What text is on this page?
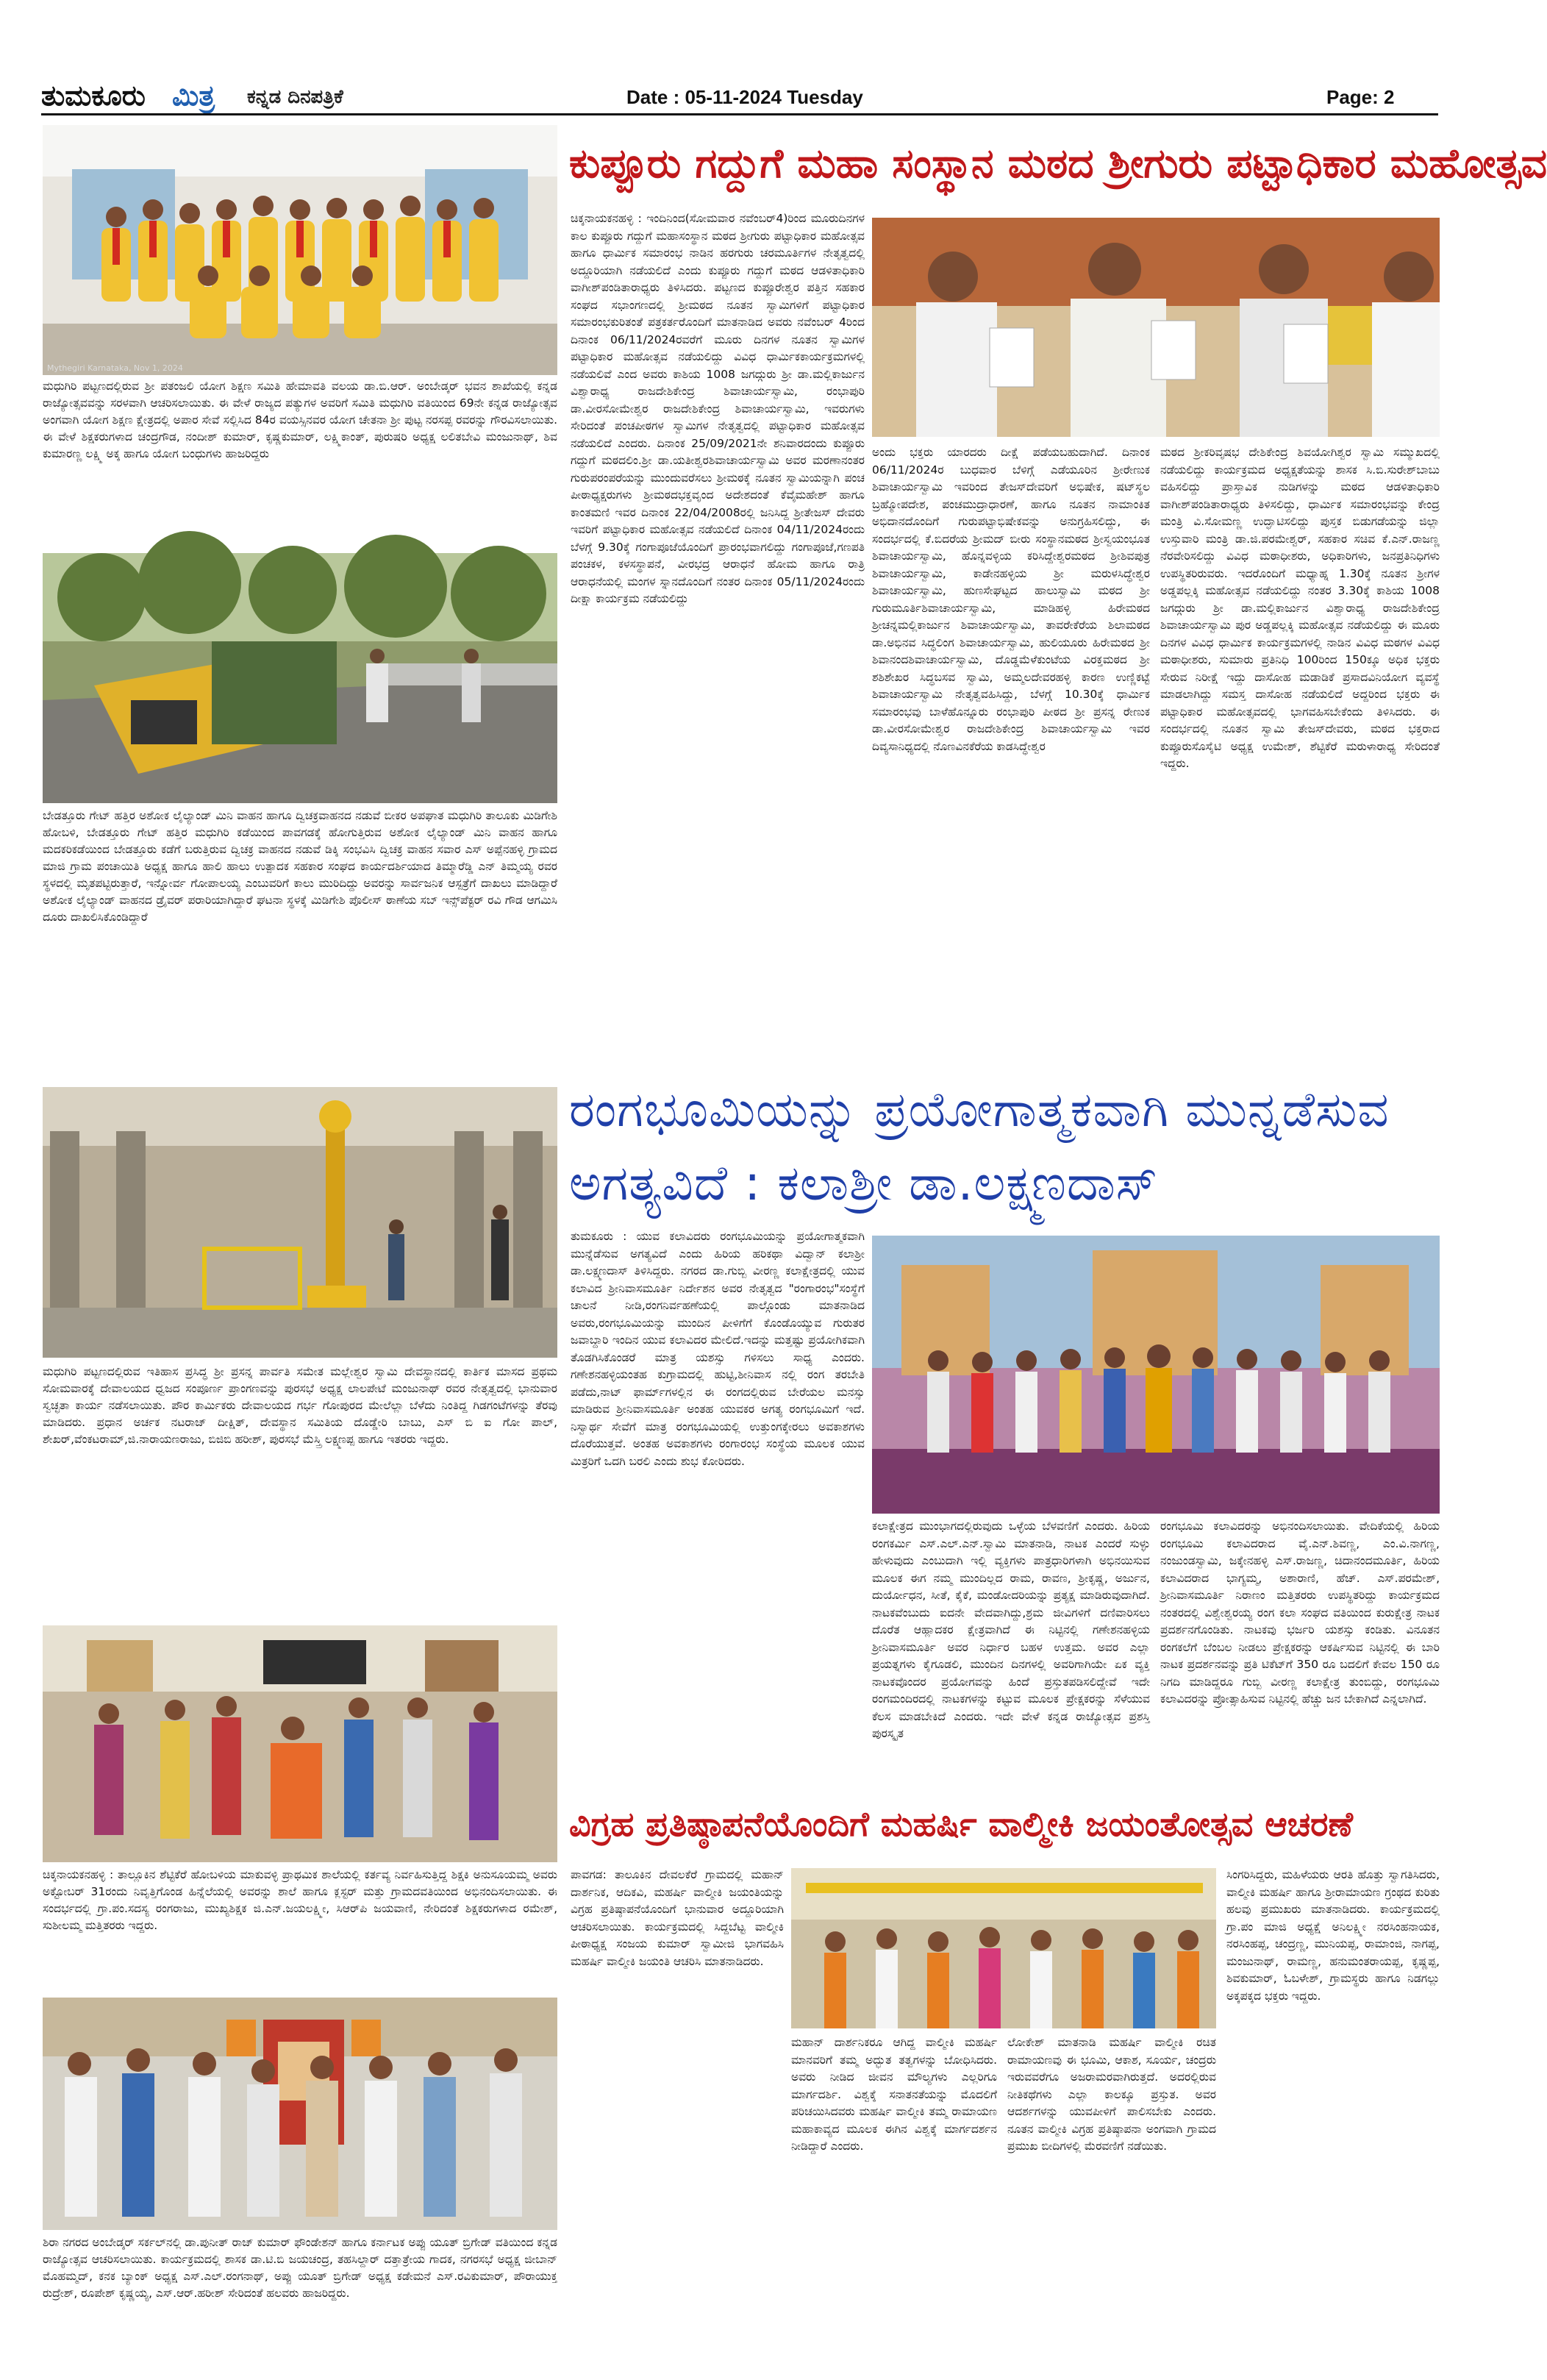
ತುಮಕೂರು ಮಿತ್ರ ಕನ್ನಡ ದಿನಪತ್ರಿಕೆ	Date : 05-11-2024 Tuesday	Page: 2
Mythegiri Karnataka, Nov 1, 2024
ಮಧುಗಿರಿ ಪಟ್ಟಣದಲ್ಲಿರುವ ಶ್ರೀ ಪತಂಜಲಿ ಯೋಗ ಶಿಕ್ಷಣ ಸಮಿತಿ ಹೇಮಾವತಿ ವಲಯ ಡಾ.ಬಿ.ಆರ್. ಅಂಬೇಡ್ಕರ್ ಭವನ ಶಾಖೆಯಲ್ಲಿ ಕನ್ನಡ ರಾಜ್ಯೋತ್ಸವವನ್ನು ಸರಳವಾಗಿ ಆಚರಿಸಲಾಯಿತು. ಈ ವೇಳೆ ರಾಜ್ಯದ ಪತ್ಯುಗಳ ಅವರಿಗೆ ಸಮಿತಿ ಮಧುಗಿರಿ ವತಿಯಿಂದ 69ನೇ ಕನ್ನಡ ರಾಜ್ಯೋತ್ಸವ ಅಂಗವಾಗಿ ಯೋಗ ಶಿಕ್ಷಣ ಕ್ಷೇತ್ರದಲ್ಲಿ ಅಪಾರ ಸೇವೆ ಸಲ್ಲಿಸಿದ 84ರ ವಯಸ್ಸಿನವರ ಯೋಗ ಚೇತನಾ ಶ್ರೀ ಪುಟ್ಟ ನರಸಪ್ಪ ರವರನ್ನು ಗೌರವಿಸಲಾಯಿತು. ಈ ವೇಳೆ ಶಿಕ್ಷಕರುಗಳಾದ ಚಂದ್ರಗೌಡ, ನಂದೀಶ್ ಕುಮಾರ್, ಕೃಷ್ಣಕುಮಾರ್, ಲಕ್ಷ್ಮಿಕಾಂತ್, ಪುರುಷರಿ ಅಧ್ಯಕ್ಷ ಲಲಿತಬೇವಿ ಮಂಜುನಾಥ್, ಶಿವ ಕುಮಾರಣ್ಣ ಲಕ್ಷ್ಮಿ ಅಕ್ಕ ಹಾಗೂ ಯೋಗ ಬಂಧುಗಳು ಹಾಜರಿದ್ದರು
ಬೇಡತ್ತೂರು ಗೇಟ್ ಹತ್ತಿರ ಅಶೋಕ ಲೈಲ್ಯಾಂಡ್ ಮಿನಿ ವಾಹನ ಹಾಗೂ ದ್ವಿಚಕ್ರವಾಹನದ ನಡುವೆ ಬೀಕರ ಅಪಘಾತ ಮಧುಗಿರಿ ತಾಲೂಕು ಮಿಡಿಗೇಶಿ ಹೋಬಳಿ, ಬೇಡತ್ತೂರು ಗೇಟ್ ಹತ್ತಿರ ಮಧುಗಿರಿ ಕಡೆಯಿಂದ ಪಾವಗಡಕ್ಕೆ ಹೋಗುತ್ತಿರುವ ಅಶೋಕ ಲೈಲ್ಯಾಂಡ್ ಮಿನಿ ವಾಹನ ಹಾಗೂ ಮದಕರಿಕಡೆಯಿಂದ ಬೇಡತ್ತೂರು ಕಡೆಗೆ ಬರುತ್ತಿರುವ ದ್ವಿಚಕ್ರ ವಾಹನದ ನಡುವೆ ಡಿಕ್ಕಿ ಸಂಭವಿಸಿ ದ್ವಿಚಕ್ರ ವಾಹನ ಸವಾರ ಎಸ್ ಅಪ್ಪೆನಹಳ್ಳಿ ಗ್ರಾಮದ ಮಾಜಿ ಗ್ರಾಮ ಪಂಚಾಯಿತಿ ಅಧ್ಯಕ್ಷ ಹಾಗೂ ಹಾಲಿ ಹಾಲು ಉತ್ಪಾದಕ ಸಹಕಾರ ಸಂಘದ ಕಾರ್ಯದರ್ಶಿಯಾದ ತಿಮ್ಮಾರೆಡ್ಡಿ ಎನ್ ತಿಮ್ಮಯ್ಯ ರವರ ಸ್ಥಳದಲ್ಲಿ ಮೃತಪಟ್ಟಿರುತ್ತಾರೆ, ಇನ್ನೋರ್ವ ಗೋಪಾಲಯ್ಯ ಎಂಬುವರಿಗೆ ಕಾಲು ಮುರಿದಿದ್ದು ಅವರನ್ನು ಸಾರ್ವಜನಿಕ ಆಸ್ಪತ್ರೆಗೆ ದಾಖಲು ಮಾಡಿದ್ದಾರೆ ಅಶೋಕ ಲೈಲ್ಯಾಂಡ್ ವಾಹನದ ಡ್ರೈವರ್ ಪರಾರಿಯಾಗಿದ್ದಾರೆ ಘಟನಾ ಸ್ಥಳಕ್ಕೆ ಮಿಡಿಗೇಶಿ ಪೊಲೀಸ್ ಠಾಣೆಯ ಸಬ್ ಇನ್ಸ್‌ಪೆಕ್ಟರ್ ರವಿ ಗೌಡ ಆಗಮಿಸಿ ದೂರು ದಾಖಲಿಸಿಕೊಂಡಿದ್ದಾರೆ
ಮಧುಗಿರಿ ಪಟ್ಟಣದಲ್ಲಿರುವ ಇತಿಹಾಸ ಪ್ರಸಿದ್ಧ ಶ್ರೀ ಪ್ರಸನ್ನ ಪಾರ್ವತಿ ಸಮೇತ ಮಲ್ಲೇಶ್ವರ ಸ್ವಾಮಿ ದೇವಸ್ಥಾನದಲ್ಲಿ ಕಾರ್ತಿಕ ಮಾಸದ ಪ್ರಥಮ ಸೋಮವಾರಕ್ಕೆ ದೇವಾಲಯದ ಧ್ವಜದ ಸಂಪೂರ್ಣ ಪ್ರಾಂಗಣವನ್ನು ಪುರಸಭೆ ಅಧ್ಯಕ್ಷ ಲಾಲಪೇಟೆ ಮಂಜುನಾಥ್ ರವರ ನೇತೃತ್ವದಲ್ಲಿ ಭಾನುವಾರ ಸ್ವಚ್ಛತಾ ಕಾರ್ಯ ನಡೆಸಲಾಯಿತು. ಪೌರ ಕಾರ್ಮಿಕರು ದೇವಾಲಯದ ಗರ್ಭ ಗೋಪುರದ ಮೇಲೆಲ್ಲಾ ಬೆಳೆದು ನಿಂತಿದ್ದ ಗಿಡಗಂಟೆಗಳನ್ನು ತೆರವು ಮಾಡಿದರು. ಪ್ರಧಾನ ಅರ್ಚಕ ನಟರಾಜ್ ದೀಕ್ಷಿತ್, ದೇವಸ್ಥಾನ ಸಮಿತಿಯ ದೊಡ್ಡೇರಿ ಬಾಬು, ಎಸ್ ಬಿ ಐ ಗೋ ಪಾಲ್, ಶೇಖರ್,ವೆಂಕಟರಾಮ್,ಜಿ.ನಾರಾಯಣರಾಜು, ಬಿಜಿಬಿ ಹರೀಶ್, ಪುರಸಭೆ ಮೆಸ್ತ್ರಿ ಲಕ್ಷ್ಮಣಪ್ಪ ಹಾಗೂ ಇತರರು ಇದ್ದರು.
ಚಿಕ್ಕನಾಯಕನಹಳ್ಳಿ : ತಾಲ್ಲೂಕಿನ ಶೆಟ್ಟಿಕೆರೆ ಹೋಬಳಿಯ ಮಾಕುವಳ್ಳಿ ಪ್ರಾಥಮಿಕ ಶಾಲೆಯಲ್ಲಿ ಕರ್ತವ್ಯ ನಿರ್ವಹಿಸುತ್ತಿದ್ದ ಶಿಕ್ಷಕಿ ಅನುಸೂಯಮ್ಮ ಅವರು ಅಕ್ಟೋಬರ್ 31ರಂದು ನಿವೃತ್ತಿಗೊಂಡ ಹಿನ್ನೆಲೆಯಲ್ಲಿ ಅವರನ್ನು ಶಾಲೆ ಹಾಗೂ ಕ್ಲಸ್ಟರ್ ಮತ್ತು ಗ್ರಾಮದವತಿಯಿಂದ ಅಭಿನಂದಿಸಲಾಯಿತು. ಈ ಸಂದರ್ಭದಲ್ಲಿ ಗ್ರಾ.ಪಂ.ಸದಸ್ಯ ರಂಗರಾಜು, ಮುಖ್ಯಶಿಕ್ಷಕ ಜಿ.ಎನ್.ಜಯಲಕ್ಷ್ಮೀ, ಸಿಆರ್‌ಪಿ ಜಯವಾಣಿ, ನೇರಿದಂತೆ ಶಿಕ್ಷಕರುಗಳಾದ ರಮೇಶ್, ಸುಶೀಲಮ್ಮ ಮತ್ತಿತರರು ಇದ್ದರು.
ಶಿರಾ ನಗರದ ಅಂಬೇಡ್ಕರ್ ಸರ್ಕಲ್‌ನಲ್ಲಿ ಡಾ.ಪುನೀತ್ ರಾಜ್ ಕುಮಾರ್ ಫೌಂಡೇಶನ್ ಹಾಗೂ ಕರ್ನಾಟಕ ಅಪ್ಪು ಯೂತ್ ಬ್ರಿಗೇಡ್ ವತಿಯಿಂದ ಕನ್ನಡ ರಾಜ್ಯೋತ್ಸವ ಆಚರಿಸಲಾಯಿತು. ಕಾರ್ಯಕ್ರಮದಲ್ಲಿ ಶಾಸಕ ಡಾ.ಟಿ.ಬಿ ಜಯಚಂದ್ರ, ತಹಸಿಲ್ದಾರ್ ದತ್ತಾತ್ರೇಯ ಗಾದಕ, ನಗರಸಭೆ ಅಧ್ಯಕ್ಷ ಜೀಬಾನ್ ಮೊಹಮ್ಮದ್, ಕನಕ ಬ್ಯಾಂಕ್ ಅಧ್ಯಕ್ಷ ಎಸ್.ಎಲ್.ರಂಗನಾಥ್, ಅಪ್ಪು ಯೂತ್ ಬ್ರಿಗೇಡ್ ಅಧ್ಯಕ್ಷ ಕಡೇಮನೆ ಎಸ್.ರವಿಕುಮಾರ್, ಪೌರಾಯುಕ್ತ ರುದ್ರೇಶ್, ರೂಪೇಶ್ ಕೃಷ್ಣಯ್ಯ, ಎಸ್.ಆರ್.ಹರೀಶ್ ಸೇರಿದಂತೆ ಹಲವರು ಹಾಜರಿದ್ದರು.
ಕುಪ್ಪೂರು ಗದ್ದುಗೆ ಮಹಾ ಸಂಸ್ಥಾನ ಮಠದ ಶ್ರೀಗುರು ಪಟ್ಟಾಧಿಕಾರ ಮಹೋತ್ಸವ
ಚಿಕ್ಕನಾಯಕನಹಳ್ಳಿ : ಇಂದಿನಿಂದ(ಸೋಮವಾರ ನವೆಂಬರ್4)ರಿಂದ ಮೂರುದಿನಗಳ ಕಾಲ ಕುಪ್ಪೂರು ಗದ್ದುಗೆ ಮಹಾಸಂಸ್ಥಾನ ಮಠದ ಶ್ರೀಗುರು ಪಟ್ಟಾಧಿಕಾರ ಮಹೋತ್ಸವ ಹಾಗೂ ಧಾರ್ಮಿಕ ಸಮಾರಂಭ ನಾಡಿನ ಹರಗುರು ಚರಮೂರ್ತಿಗಳ ನೇತೃತ್ವದಲ್ಲಿ ಅದ್ದೂರಿಯಾಗಿ ನಡೆಯಲಿದೆ ಎಂದು ಕುಪ್ಪೂರು ಗದ್ದುಗೆ ಮಠದ ಆಡಳಿತಾಧಿಕಾರಿ ವಾಗೀಶ್‌ಪಂಡಿತಾರಾಧ್ಯರು ತಿಳಿಸಿದರು. ಪಟ್ಟಣದ ಕುಪ್ಪೂರೇಶ್ವರ ಪತ್ತಿನ ಸಹಕಾರ ಸಂಘದ ಸಭಾಂಗಣದಲ್ಲಿ ಶ್ರೀಮಠದ ನೂತನ ಸ್ವಾಮಿಗಳಿಗೆ ಪಟ್ಟಾಧಿಕಾರ ಸಮಾರಂಭಕುರಿತಂತೆ ಪತ್ರಕರ್ತರೊಂದಿಗೆ ಮಾತನಾಡಿದ ಅವರು ನವೆಂಬರ್ 4ರಿಂದ ದಿನಾಂಕ 06/11/2024ರವರೆಗೆ ಮೂರು ದಿನಗಳ ನೂತನ ಸ್ವಾಮಿಗಳ ಪಟ್ಟಾಧಿಕಾರ ಮಹೋತ್ಸವ ನಡೆಯಲಿದ್ದು ವಿವಿಧ ಧಾರ್ಮಿಕಕಾರ್ಯಕ್ರಮಗಳಲ್ಲಿ ನಡೆಯಲಿವೆ ಎಂದ ಅವರು ಕಾಶಿಯ 1008 ಜಗದ್ಗುರು ಶ್ರೀ ಡಾ.ಮಲ್ಲಿಕಾರ್ಜುನ ವಿಶ್ವಾರಾಧ್ಯ ರಾಜದೇಶಿಕೇಂದ್ರ ಶಿವಾಚಾರ್ಯಸ್ವಾಮಿ, ರಂಭಾಪುರಿ ಡಾ.ವೀರಸೋಮೇಶ್ವರ ರಾಜದೇಶಿಕೇಂದ್ರ ಶಿವಾಚಾರ್ಯಸ್ವಾಮಿ, ಇವರುಗಳು ಸೇರಿದಂತೆ ಪಂಚಪೀಠಗಳ ಸ್ವಾಮಿಗಳ ನೇತೃತ್ವದಲ್ಲಿ ಪಟ್ಟಾಧಿಕಾರ ಮಹೋತ್ಸವ ನಡೆಯಲಿದೆ ಎಂದರು. ದಿನಾಂಕ 25/09/2021ನೇ ಶನಿವಾರದಂದು ಕುಪ್ಪೂರು ಗದ್ದುಗೆ ಮಠದಲಿಂ.ಶ್ರೀ ಡಾ.ಯತೀಶ್ವರಶಿವಾಚಾರ್ಯಸ್ವಾಮಿ ಅವರ ಮರಣಾನಂತರ ಗುರುಪರಂಪರೆಯನ್ನು ಮುಂದುವರೆಸಲು ಶ್ರೀಮಠಕ್ಕೆ ನೂತನ ಸ್ವಾಮಿಯನ್ನಾಗಿ ಪಂಚ ಪೀಠಾಧ್ಯಕ್ಷರುಗಳು ಶ್ರೀಮಠದಭಕ್ತವೃಂದ ಅದೇಶದಂತೆ ಕೆವೈಮಹೇಶ್ ಹಾಗೂ ಕಾಂತಮಣಿ ಇವರ ದಿನಾಂಕ 22/04/2008ರಲ್ಲಿ ಜನಿಸಿದ್ದ ಶ್ರೀತೇಜಸ್ ದೇವರು ಇವರಿಗೆ ಪಟ್ಟಾಧಿಕಾರ ಮಹೋತ್ಸವ ನಡೆಯಲಿದೆ ದಿನಾಂಕ 04/11/2024ರಂದು ಬೆಳಗ್ಗೆ 9.30ಕ್ಕೆ ಗಂಗಾಪೂಜೆಯೊಂದಿಗೆ ಪ್ರಾರಂಭವಾಗಲಿದ್ದು ಗಂಗಾಪೂಜೆ,ಗಣಪತಿ ಪಂಚಕಳ, ಕಳಸಸ್ಥಾಪನೆ, ವೀರಭದ್ರ ಆರಾಧನೆ ಹೋಮ ಹಾಗೂ ರಾತ್ರಿ ಆರಾಧನೆಯಲ್ಲಿ ಮಂಗಳ ಸ್ನಾನದೊಂದಿಗೆ ನಂತರ ದಿನಾಂಕ 05/11/2024ರಂದು ದೀಕ್ಷಾ ಕಾರ್ಯಕ್ರಮ ನಡೆಯಲಿದ್ದು
ಅಂದು ಭಕ್ತರು ಯಾರದರು ದೀಕ್ಷೆ ಪಡೆಯಬಹುದಾಗಿದೆ. ದಿನಾಂಕ 06/11/2024ರ ಬುಧವಾರ ಬೆಳಿಗ್ಗೆ ಎಡೆಯೂರಿನ ಶ್ರೀರೇಣುಕ ಶಿವಾಚಾರ್ಯಸ್ವಾಮಿ ಇವರಿಂದ ತೇಜಸ್‌ದೇವರಿಗೆ ಅಭಿಷೇಕ, ಷಟ್‌ಸ್ಥಲ ಬ್ರಹ್ಮೋಪದೇಶ, ಪಂಚಮುದ್ರಾಧಾರಣೆ, ಹಾಗೂ ನೂತನ ನಾಮಾಂಕಿತ ಅಭಿದಾನದೊಂದಿಗೆ ಗುರುಪಟ್ಟಾಭಿಷೇಕವನ್ನು ಅನುಗ್ರಹಿಸಲಿದ್ದು, ಈ ಸಂದರ್ಭದಲ್ಲಿ ಕೆ.ಬಿದರೆಯ ಶ್ರೀಮದ್ ಬೀರು ಸಂಸ್ಥಾನಮಠದ ಶ್ರೀಸ್ವಯಂಭೂತ ಶಿವಾಚಾರ್ಯಸ್ವಾಮಿ, ಹೊನ್ನವಳ್ಳಿಯ ಕರಿಸಿದ್ದೇಶ್ವರಮಠದ ಶ್ರೀಶಿವಪುತ್ರ ಶಿವಾಚಾರ್ಯಸ್ವಾಮಿ, ಕಾಡೇನಹಳ್ಳಿಯ ಶ್ರೀ ಮರುಳಸಿದ್ಧೇಶ್ವರ ಶಿವಾಚಾರ್ಯಸ್ವಾಮಿ, ಹುಣಸೇಘಟ್ಟದ ಹಾಲುಸ್ವಾಮಿ ಮಠದ ಶ್ರೀ ಗುರುಮೂರ್ತಿಶಿವಾಚಾರ್ಯಸ್ವಾಮಿ, ಮಾಡಿಹಳ್ಳಿ ಹಿರೇಮಠದ ಶ್ರೀಚನ್ನಮಲ್ಲಿಕಾರ್ಜುನ ಶಿವಾಚಾರ್ಯಸ್ವಾಮಿ, ತಾವರೇಕೆರೆಯ ಶಿಲಾಮಠದ ಡಾ.ಅಭಿನವ ಸಿದ್ಧಲಿಂಗ ಶಿವಾಚಾರ್ಯಸ್ವಾಮಿ, ಹುಲಿಯೂರು ಹಿರೇಮಠದ ಶ್ರೀ ಶಿವಾನಂದಶಿವಾಚಾರ್ಯಸ್ವಾಮಿ, ದೊಡ್ಡಮೆಳೆಕುಂಟೆಯ ವಿರಕ್ತಮಠದ ಶ್ರೀ ಶಶಿಶೇಖರ ಸಿದ್ಧಬಸವ ಸ್ವಾಮಿ, ಅಮ್ಮಲದೇವರಹಳ್ಳಿ ಕಾರಣ ಉಣ್ಣಿಕಟ್ಟೆ ಶಿವಾಚಾರ್ಯಸ್ವಾಮಿ ನೇತೃತ್ವವಹಿಸಿದ್ದು, ಬೆಳಗ್ಗೆ 10.30ಕ್ಕೆ ಧಾರ್ಮಿಕ ಸಮಾರಂಭವು ಬಾಳೆಹೊನ್ನೂರು ರಂಭಾಪುರಿ ಪೀಠದ ಶ್ರೀ ಪ್ರಸನ್ನ ರೇಣುಕ ಡಾ.ವೀರಸೋಮೇಶ್ವರ ರಾಜದೇಶಿಕೇಂದ್ರ ಶಿವಾಚಾರ್ಯಸ್ವಾಮಿ ಇವರ ದಿವ್ಯಸಾನಿಧ್ಯದಲ್ಲಿ ನೊಣವಿನಕೆರೆಯ ಕಾಡಸಿದ್ಧೇಶ್ವರ
ಮಠದ ಶ್ರೀಕರಿವೃಷಭ ದೇಶಿಕೇಂದ್ರ ಶಿವಯೋಗಿಶ್ವರ ಸ್ವಾಮಿ ಸಮ್ಮುಖದಲ್ಲಿ ನಡೆಯಲಿದ್ದು ಕಾರ್ಯಕ್ರಮದ ಅಧ್ಯಕ್ಷತೆಯನ್ನು ಶಾಸಕ ಸಿ.ಬಿ.ಸುರೇಶ್‌ಬಾಬು ವಹಿಸಲಿದ್ದು ಪ್ರಾಸ್ತಾವಿಕ ನುಡಿಗಳನ್ನು ಮಠದ ಆಡಳಿತಾಧಿಕಾರಿ ವಾಗೀಶ್‌ಪಂಡಿತಾರಾಧ್ಯರು ತಿಳಿಸಲಿದ್ದು, ಧಾರ್ಮಿಕ ಸಮಾರಂಭವನ್ನು ಕೇಂದ್ರ ಮಂತ್ರಿ ವಿ.ಸೋಮಣ್ಣ ಉದ್ಘಾಟಿಸಲಿದ್ದು ಪುಸ್ತಕ ಬಿಡುಗಡೆಯನ್ನು ಜಿಲ್ಲಾ ಉಸ್ತುವಾರಿ ಮಂತ್ರಿ ಡಾ.ಜಿ.ಪರಮೇಶ್ವರ್, ಸಹಕಾರ ಸಚಿವ ಕೆ.ಎನ್.ರಾಜಣ್ಣ ನೆರವೇರಿಸಲಿದ್ದು ವಿವಿಧ ಮಠಾಧೀಶರು, ಅಧಿಕಾರಿಗಳು, ಜನಪ್ರತಿನಿಧಿಗಳು ಉಪಸ್ಥಿತರಿರುವರು. ಇದರೊಂದಿಗೆ ಮಧ್ಯಾಹ್ನ 1.30ಕ್ಕೆ ನೂತನ ಶ್ರೀಗಳ ಅಡ್ಡಪಲ್ಲಕ್ಕಿ ಮಹೋತ್ಸವ ನಡೆಯಲಿದ್ದು ನಂತರ 3.30ಕ್ಕೆ ಕಾಶಿಯ 1008 ಜಗದ್ಗುರು ಶ್ರೀ ಡಾ.ಮಲ್ಲಿಕಾರ್ಜುನ ವಿಶ್ವಾರಾಧ್ಯ ರಾಜದೇಶಿಕೇಂದ್ರ ಶಿವಾಚಾರ್ಯಸ್ವಾಮಿ ಪುರ ಅಡ್ಡಪಲ್ಲಕ್ಕಿ ಮಹೋತ್ಸವ ನಡೆಯಲಿದ್ದು ಈ ಮೂರು ದಿನಗಳ ವಿವಿಧ ಧಾರ್ಮಿಕ ಕಾರ್ಯಕ್ರಮಗಳಲ್ಲಿ ನಾಡಿನ ವಿವಿಧ ಮಠಗಳ ವಿವಿಧ ಮಠಾಧೀಶರು, ಸುಮಾರು ಪ್ರತಿನಿಧಿ 100ರಿಂದ 150ಕ್ಕೂ ಅಧಿಕ ಭಕ್ತರು ಸೇರುವ ನಿರೀಕ್ಷೆ ಇದ್ದು ದಾಸೋಹ ಮಡಾಡಿಕೆ ಪ್ರಸಾದವಿನಿಯೋಗ ವ್ಯವಸ್ಥೆ ಮಾಡಲಾಗಿದ್ದು ಸಮಸ್ತ ದಾಸೋಹ ನಡೆಯಲಿದೆ ಅದ್ದರಿಂದ ಭಕ್ತರು ಈ ಪಟ್ಟಾಧಿಕಾರ ಮಹೋತ್ಸವದಲ್ಲಿ ಭಾಗವಹಿಸಬೇಕೆಂದು ತಿಳಿಸಿದರು. ಈ ಸಂದರ್ಭದಲ್ಲಿ ನೂತನ ಸ್ವಾಮಿ ತೇಜಸ್‌ದೇವರು, ಮಠದ ಭಕ್ತರಾದ ಕುಪ್ಪೂರುಸೊಸೈಟಿ ಅಧ್ಯಕ್ಷ ಉಮೇಶ್, ಶೆಟ್ಟಿಕೆರೆ ಮರುಳಾರಾಧ್ಯ ಸೇರಿದಂತೆ ಇದ್ದರು.
ರಂಗಭೂಮಿಯನ್ನು ಪ್ರಯೋಗಾತ್ಮಕವಾಗಿ ಮುನ್ನಡೆಸುವ
ಅಗತ್ಯವಿದೆ : ಕಲಾಶ್ರೀ ಡಾ.ಲಕ್ಷ್ಮಣದಾಸ್
ತುಮಕೂರು : ಯುವ ಕಲಾವಿದರು ರಂಗಭೂಮಿಯನ್ನು ಪ್ರಯೋಗಾತ್ಮಕವಾಗಿ ಮುನ್ನೆಡೆಸುವ ಅಗತ್ಯವಿದೆ ಎಂದು ಹಿರಿಯ ಹರಿಕಥಾ ವಿದ್ವಾನ್ ಕಲಾಶ್ರೀ ಡಾ.ಲಕ್ಷ್ಮಣದಾಸ್ ತಿಳಿಸಿದ್ದರು. ನಗರದ ಡಾ.ಗುಬ್ಬಿ ವೀರಣ್ಣ ಕಲಾಕ್ಷೇತ್ರದಲ್ಲಿ ಯುವ ಕಲಾವಿದ ಶ್ರೀನಿವಾಸಮೂರ್ತಿ ನಿರ್ದೇಶನ ಅವರ ನೇತೃತ್ವದ "ರಂಗಾರಂಭ"ಸಂಸ್ಥೆಗೆ ಚಾಲನೆ ನೀಡಿ,ರಂಗನಿರ್ವಹಣೆಯಲ್ಲಿ ಪಾಲ್ಗೊಂಡು ಮಾತನಾಡಿದ ಅವರು,ರಂಗಭೂಮಿಯನ್ನು ಮುಂದಿನ ಪೀಳಿಗೆಗೆ ಕೊಂಡೊಯ್ಯುವ ಗುರುತರ ಜವಾಬ್ದಾರಿ ಇಂದಿನ ಯುವ ಕಲಾವಿದರ ಮೇಲಿದೆ.ಇದನ್ನು ಮತ್ತಷ್ಟು ಪ್ರಯೋಗಿಕವಾಗಿ ತೊಡಗಿಸಿಕೊಂಡರೆ ಮಾತ್ರ ಯಶಸ್ಸು ಗಳಿಸಲು ಸಾಧ್ಯ ಎಂದರು. ಗಣೇಶನಹಳ್ಳಿಯಂತಹ ಕುಗ್ರಾಮದಲ್ಲಿ ಹುಟ್ಟಿ,ಶೀನಿವಾಸ ನಲ್ಲಿ ರಂಗ ತರಬೇತಿ ಪಡೆದು,ನಾಟ್ ಫಾರ್ಮ್‌ಗಳಲ್ಲಿನ ಈ ರಂಗದಲ್ಲಿರುವ ಬೇರೆಯಲ ಮನಸ್ಸು ಮಾಡಿರುವ ಶ್ರೀನಿವಾಸಮೂರ್ತಿ ಅಂತಹ ಯುವಕರ ಅಗತ್ಯ ರಂಗಭೂಮಿಗೆ ಇದೆ. ನಿಸ್ವಾರ್ಥ ಸೇವೆಗೆ ಮಾತ್ರ ರಂಗಭೂಮಿಯಲ್ಲಿ ಉತ್ತುಂಗಕ್ಕೇರಲು ಅವಕಾಶಗಳು ದೊರೆಯುತ್ತವೆ. ಅಂತಹ ಅವಕಾಶಗಳು ರಂಗಾರಂಭ ಸಂಸ್ಥೆಯ ಮೂಲಕ ಯುವ ಮಿತ್ರರಿಗೆ ಒದಗಿ ಬರಲಿ ಎಂದು ಶುಭ ಕೋರಿದರು.
ಕಲಾಕ್ಷೇತ್ರದ ಮುಂಭಾಗದಲ್ಲಿರುವುದು ಒಳ್ಳೆಯ ಬೆಳವಣಿಗೆ ಎಂದರು. ಹಿರಿಯ ರಂಗಕರ್ಮಿ ಎಸ್.ಎಲ್.ಎನ್.ಸ್ವಾಮಿ ಮಾತನಾಡಿ, ನಾಟಕ ಎಂದರೆ ಸುಳ್ಳು ಹೇಳುವುದು ಎಂಬುದಾಗಿ ಇಲ್ಲಿ ವ್ಯಕ್ತಿಗಳು ಪಾತ್ರಧಾರಿಗಳಾಗಿ ಅಭಿನಯಿಸುವ ಮೂಲಕ ಈಗ ನಮ್ಮ ಮುಂದಿಲ್ಲದ ರಾಮ, ರಾವಣ, ಶ್ರೀಕೃಷ್ಣ, ಅರ್ಜುನ, ದುರ್ಯೋಧನ, ಸೀತೆ, ಕೈಕೆ, ಮಂಡೋದರಿಯನ್ನು ಪ್ರತ್ಯಕ್ಷ ಮಾಡಿರುವುದಾಗಿದೆ. ನಾಟಕವೆಂಬುದು ಐದನೇ ವೇದವಾಗಿದ್ದು,ಶ್ರಮ ಜೀವಿಗಳಿಗೆ ದಣಿವಾರಿಸಲು ದೊರೆತ ಆಹ್ಲಾದಕರ ಕ್ಷೇತ್ರವಾಗಿದೆ ಈ ನಿಟ್ಟಿನಲ್ಲಿ ಗಣೇಶನಹಳ್ಳಿಯ ಶ್ರೀನಿವಾಸಮೂರ್ತಿ ಅವರ ನಿರ್ಧಾರ ಬಹಳ ಉತ್ತಮ. ಅವರ ಎಲ್ಲಾ ಪ್ರಯತ್ನಗಳು ಕೈಗೂಡಲಿ, ಮುಂದಿನ ದಿನಗಳಲ್ಲಿ ಅವರಿಗಾಗಿಯೇ ಏಕ ವ್ಯಕ್ತಿ ನಾಟಕವೊಂದರ ಪ್ರಯೋಗವನ್ನು ಹಿಂದೆ ಪ್ರಸ್ತುತಪಡಿಸಲಿದ್ದೇವೆ ಇದೇ ರಂಗಮಂದಿರದಲ್ಲಿ ನಾಟಕಗಳನ್ನು ಕಟ್ಟುವ ಮೂಲಕ ಪ್ರೇಕ್ಷಕರನ್ನು ಸೆಳೆಯುವ ಕೆಲಸ ಮಾಡಬೇಕಿದೆ ಎಂದರು. ಇದೇ ವೇಳೆ ಕನ್ನಡ ರಾಜ್ಯೋತ್ಸವ ಪ್ರಶಸ್ತಿ ಪುರಸ್ಕೃತ
ರಂಗಭೂಮಿ ಕಲಾವಿದರನ್ನು ಅಭಿನಂದಿಸಲಾಯಿತು. ವೇದಿಕೆಯಲ್ಲಿ ಹಿರಿಯ ರಂಗಭೂಮಿ ಕಲಾವಿದರಾದ ವೈ.ಎನ್.ಶಿವಣ್ಣ, ಎಂ.ವಿ.ನಾಗಣ್ಣ, ನಂಜುಂಡಸ್ವಾಮಿ, ಜಕ್ಕೇನಹಳ್ಳಿ ಎಸ್.ರಾಜಣ್ಣ, ಚಿದಾನಂದಮೂರ್ತಿ, ಹಿರಿಯ ಕಲಾವಿದರಾದ ಭಾಗ್ಯಮ್ಮ, ಅಶಾರಾಣಿ, ಹೆಚ್. ಎಸ್.ಪರಮೇಶ್, ಶ್ರೀನಿವಾಸಮೂರ್ತಿ ನಿರಾಣಂ ಮತ್ತಿತರರು ಉಪಸ್ಥಿತರಿದ್ದು ಕಾರ್ಯಕ್ರಮದ ನಂತರದಲ್ಲಿ ವಿಶ್ವೇಶ್ವರಯ್ಯ ರಂಗ ಕಲಾ ಸಂಘದ ವತಿಯಿಂದ ಕುರುಕ್ಷೇತ್ರ ನಾಟಕ ಪ್ರದರ್ಶನಗೊಂಡಿತು. ನಾಟಕವು ಭರ್ಜರಿ ಯಶಸ್ಸು ಕಂಡಿತು. ವಿನೂತನ ರಂಗಕಲೆಗೆ ಬೆಂಬಲ ನೀಡಲು ಪ್ರೇಕ್ಷಕರನ್ನು ಆಕರ್ಷಿಸುವ ನಿಟ್ಟಿನಲ್ಲಿ ಈ ಬಾರಿ ನಾಟಕ ಪ್ರದರ್ಶನವನ್ನು ಪ್ರತಿ ಟಿಕೆಟ್‌ಗೆ 350 ರೂ ಬದಲಿಗೆ ಕೇವಲ 150 ರೂ ನಿಗದಿ ಮಾಡಿದ್ದರೂ ಗುಬ್ಬಿ ವೀರಣ್ಣ ಕಲಾಕ್ಷೇತ್ರ ತುಂಬಿದ್ದು, ರಂಗಭೂಮಿ ಕಲಾವಿದರನ್ನು ಪ್ರೋತ್ಸಾಹಿಸುವ ನಿಟ್ಟಿನಲ್ಲಿ ಹೆಚ್ಚು ಜನ ಬೇಕಾಗಿದೆ ಎನ್ನಲಾಗಿದೆ.
ವಿಗ್ರಹ ಪ್ರತಿಷ್ಠಾಪನೆಯೊಂದಿಗೆ ಮಹರ್ಷಿ ವಾಲ್ಮೀಕಿ ಜಯಂತೋತ್ಸವ ಆಚರಣೆ
ಪಾವಗಡ: ತಾಲೂಕಿನ ದೇವಲಕೆರೆ ಗ್ರಾಮದಲ್ಲಿ ಮಹಾನ್ ದಾರ್ಶನಿಕ, ಆದಿಕವಿ, ಮಹರ್ಷಿ ವಾಲ್ಮೀಕಿ ಜಯಂತಿಯನ್ನು ವಿಗ್ರಹ ಪ್ರತಿಷ್ಠಾಪನೆಯೊಂದಿಗೆ ಭಾನುವಾರ ಅದ್ದೂರಿಯಾಗಿ ಆಚರಿಸಲಾಯಿತು. ಕಾರ್ಯಕ್ರಮದಲ್ಲಿ ಸಿದ್ದಬೆಟ್ಟ ವಾಲ್ಮೀಕಿ ಪೀಠಾಧ್ಯಕ್ಷ ಸಂಜಯ ಕುಮಾರ್ ಸ್ವಾಮೀಜಿ ಭಾಗವಹಿಸಿ ಮಹರ್ಷಿ ವಾಲ್ಮೀಕಿ ಜಯಂತಿ ಆಚರಿಸಿ ಮಾತನಾಡಿದರು.
ಮಹಾನ್ ದಾರ್ಶನಿಕರೂ ಆಗಿದ್ದ ವಾಲ್ಮೀಕಿ ಮಹರ್ಷಿ ಮಾನವರಿಗೆ ತಮ್ಮ ಅದ್ಭುತ ತತ್ವಗಳನ್ನು ಬೋಧಿಸಿದರು. ಅವರು ನೀಡಿದ ಜೀವನ ಮೌಲ್ಯಗಳು ಎಲ್ಲರಿಗೂ ಮಾರ್ಗದರ್ಶಿ. ವಿಶ್ವಕ್ಕೆ ಸನಾತನತೆಯನ್ನು ಮೊದಲಿಗೆ ಪರಿಚಯಿಸಿದವರು ಮಹರ್ಷಿ ವಾಲ್ಮೀಕಿ ತಮ್ಮ ರಾಮಾಯಣ ಮಹಾಕಾವ್ಯದ ಮೂಲಕ ಈಗಿನ ವಿಶ್ವಕ್ಕೆ ಮಾರ್ಗದರ್ಶನ ನೀಡಿದ್ದಾರೆ ಎಂದರು.
ಲೋಕೇಶ್ ಮಾತನಾಡಿ ಮಹರ್ಷಿ ವಾಲ್ಮೀಕಿ ರಚಿತ ರಾಮಾಯಣವು ಈ ಭೂಮಿ, ಆಕಾಶ, ಸೂರ್ಯ, ಚಂದ್ರರು ಇರುವವರೆಗೂ ಅಜರಾಮರವಾಗಿರುತ್ತದೆ. ಅದರಲ್ಲಿರುವ ನೀತಿಕಥೆಗಳು ಎಲ್ಲಾ ಕಾಲಕ್ಕೂ ಪ್ರಸ್ತುತ. ಅವರ ಆದರ್ಶಗಳನ್ನು ಯುವಪೀಳಿಗೆ ಪಾಲಿಸಬೇಕು ಎಂದರು. ನೂತನ ವಾಲ್ಮೀಕಿ ವಿಗ್ರಹ ಪ್ರತಿಷ್ಠಾಪನಾ ಅಂಗವಾಗಿ ಗ್ರಾಮದ ಪ್ರಮುಖ ಬೀದಿಗಳಲ್ಲಿ ಮೆರವಣಿಗೆ ನಡೆಯಿತು.
ಸಿಂಗರಿಸಿದ್ದರು, ಮಹಿಳೆಯರು ಆರತಿ ಹೊತ್ತು ಸ್ವಾಗತಿಸಿದರು, ವಾಲ್ಮೀಕಿ ಮಹರ್ಷಿ ಹಾಗೂ ಶ್ರೀರಾಮಾಯಣ ಗ್ರಂಥದ ಕುರಿತು ಹಲವು ಪ್ರಮುಖರು ಮಾತನಾಡಿದರು. ಕಾರ್ಯಕ್ರಮದಲ್ಲಿ ಗ್ರಾ.ಪಂ ಮಾಜಿ ಅಧ್ಯಕ್ಷೆ ಅನಿಲಕ್ಷ್ಮೀ ನರಸಿಂಹನಾಯಕ, ನರಸಿಂಹಪ್ಪ, ಚಂದ್ರಣ್ಣ, ಮುನಿಯಪ್ಪ, ರಾಮಾಂಜಿ, ನಾಗಪ್ಪ, ಮಂಜುನಾಥ್, ರಾಮಣ್ಣ, ಹನುಮಂತರಾಯಪ್ಪ, ಕೃಷ್ಣಪ್ಪ, ಶಿವಕುಮಾರ್, ಓಬಳೇಶ್, ಗ್ರಾಮಸ್ಥರು ಹಾಗೂ ನಿಡಗಲ್ಲು ಅಕ್ಕಪಕ್ಕದ ಭಕ್ತರು ಇದ್ದರು.
